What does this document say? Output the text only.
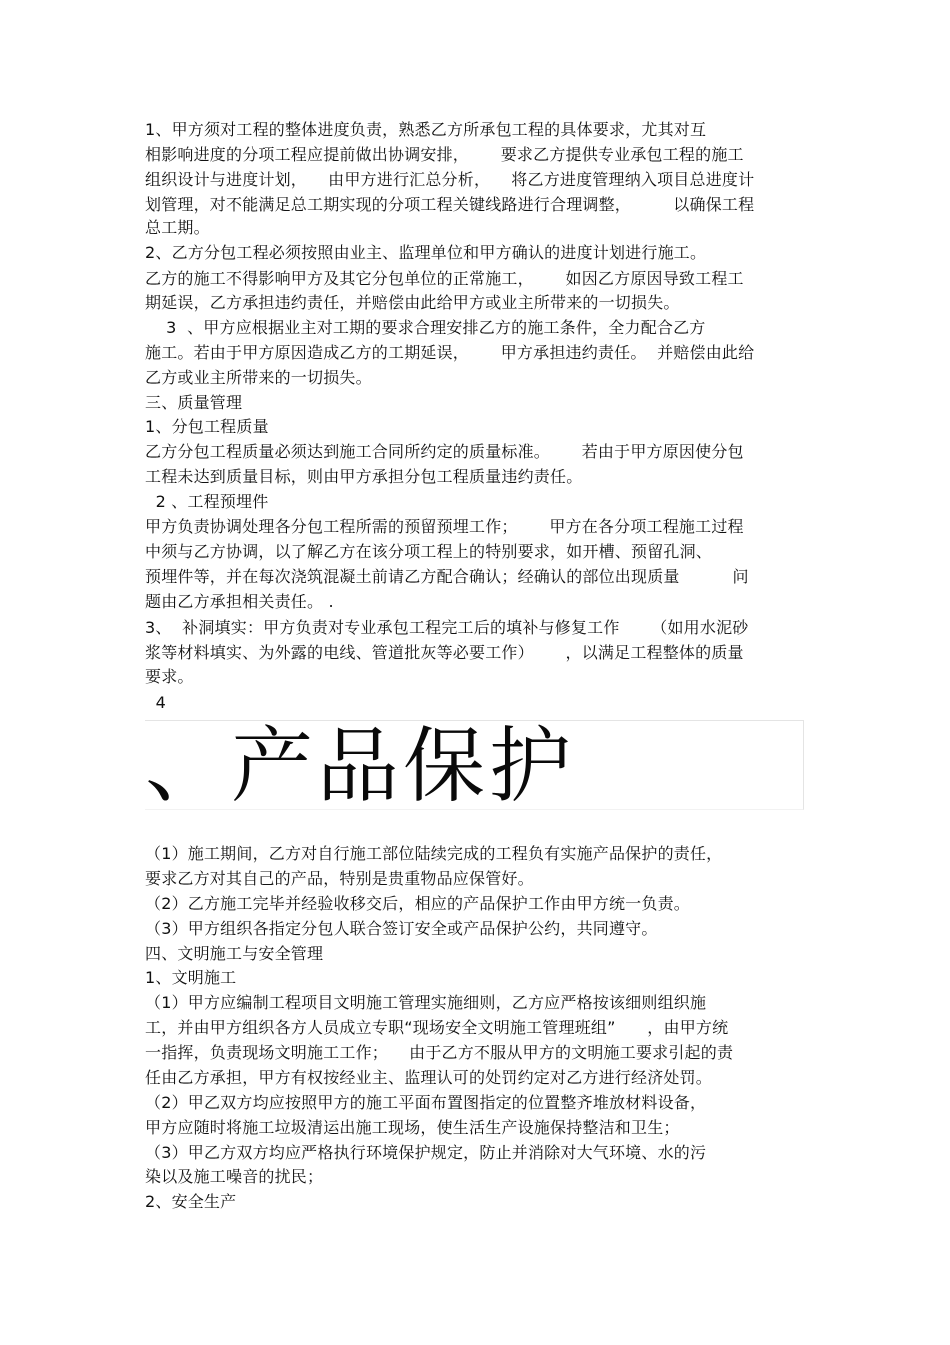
1、甲方须对工程的整体进度负责，熟悉乙方所承包工程的具体要求，尤其对互
相影响进度的分项工程应提前做出协调安排，      要求乙方提供专业承包工程的施工
组织设计与进度计划，    由甲方进行汇总分析，    将乙方进度管理纳入项目总进度计
划管理，对不能满足总工期实现的分项工程关键线路进行合理调整，        以确保工程
总工期。
2、乙方分包工程必须按照由业主、监理单位和甲方确认的进度计划进行施工。
乙方的施工不得影响甲方及其它分包单位的正常施工，      如因乙方原因导致工程工
期延误，乙方承担违约责任，并赔偿由此给甲方或业主所带来的一切损失。
3  、甲方应根据业主对工期的要求合理安排乙方的施工条件，全力配合乙方
施工。若由于甲方原因造成乙方的工期延误，      甲方承担违约责任。  并赔偿由此给
乙方或业主所带来的一切损失。
三、质量管理
1、分包工程质量
乙方分包工程质量必须达到施工合同所约定的质量标准。      若由于甲方原因使分包
工程未达到质量目标，则由甲方承担分包工程质量违约责任。
2 、工程预埋件
甲方负责协调处理各分包工程所需的预留预埋工作；      甲方在各分项工程施工过程
中须与乙方协调，以了解乙方在该分项工程上的特别要求，如开槽、预留孔洞、
预埋件等，并在每次浇筑混凝土前请乙方配合确认；经确认的部位出现质量          问
题由乙方承担相关责任。 .
3、  补洞填实：甲方负责对专业承包工程完工后的填补与修复工作      （如用水泥砂
浆等材料填实、为外露的电线、管道批灰等必要工作）      ，以满足工程整体的质量
要求。
4
、产品保护
（1）施工期间，乙方对自行施工部位陆续完成的工程负有实施产品保护的责任，
要求乙方对其自己的产品，特别是贵重物品应保管好。
（2）乙方施工完毕并经验收移交后，相应的产品保护工作由甲方统一负责。
（3）甲方组织各指定分包人联合签订安全或产品保护公约，共同遵守。
四、文明施工与安全管理
1、文明施工
（1）甲方应编制工程项目文明施工管理实施细则，乙方应严格按该细则组织施
工，并由甲方组织各方人员成立专职“现场安全文明施工管理班组”      ，由甲方统
一指挥，负责现场文明施工工作；    由于乙方不服从甲方的文明施工要求引起的责
任由乙方承担，甲方有权按经业主、监理认可的处罚约定对乙方进行经济处罚。
（2）甲乙双方均应按照甲方的施工平面布置图指定的位置整齐堆放材料设备，
甲方应随时将施工垃圾清运出施工现场，使生活生产设施保持整洁和卫生；
（3）甲乙方双方均应严格执行环境保护规定，防止并消除对大气环境、水的污
染以及施工噪音的扰民；
2、安全生产
